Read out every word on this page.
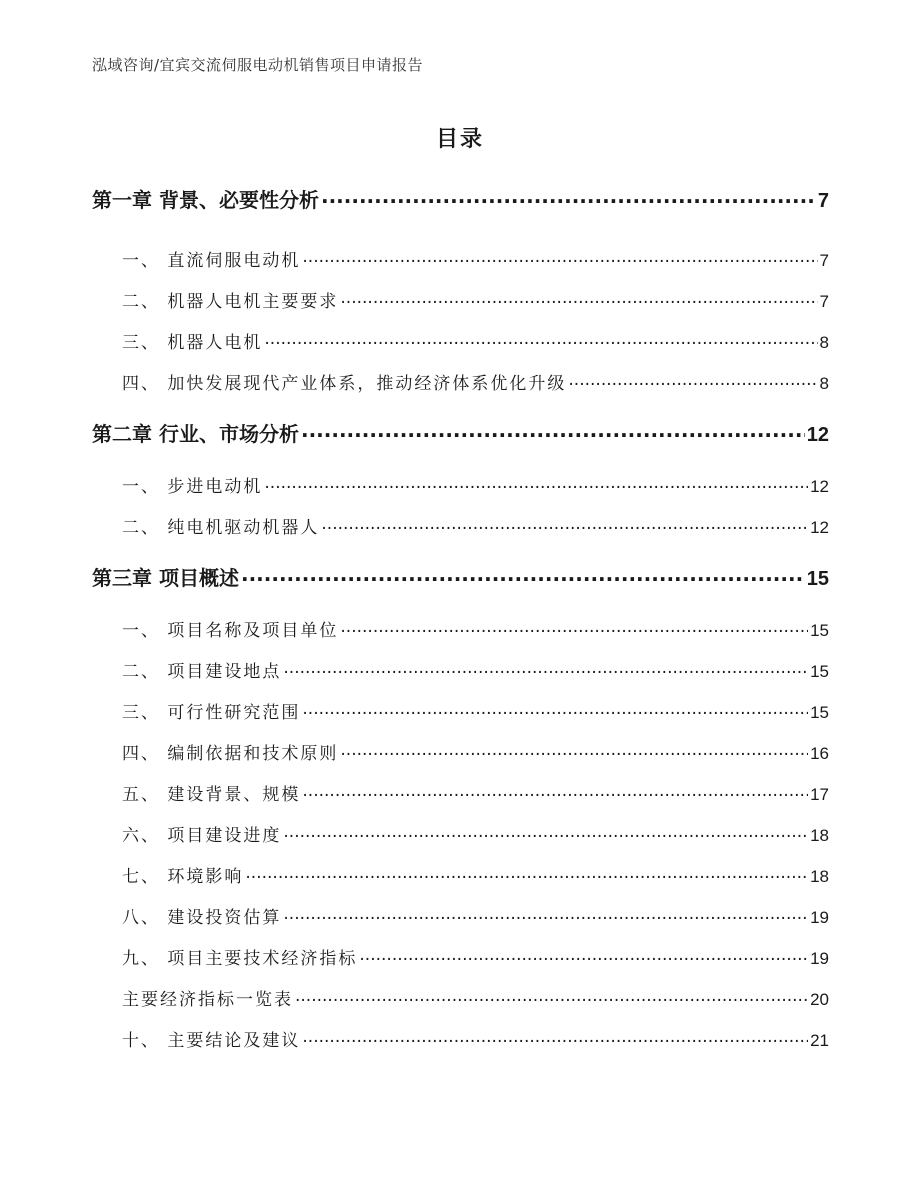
泓域咨询/宜宾交流伺服电动机销售项目申请报告
目录
第一章 背景、必要性分析 .....	7
一、 直流伺服电动机 .....	7
二、 机器人电机主要要求 .....	7
三、 机器人电机 .....	8
四、 加快发展现代产业体系，推动经济体系优化升级 .....	8
第二章 行业、市场分析 .....	12
一、 步进电动机 .....	12
二、 纯电机驱动机器人 .....	12
第三章 项目概述 .....	15
一、 项目名称及项目单位 .....	15
二、 项目建设地点 .....	15
三、 可行性研究范围 .....	15
四、 编制依据和技术原则 .....	16
五、 建设背景、规模 .....	17
六、 项目建设进度 .....	18
七、 环境影响 .....	18
八、 建设投资估算 .....	19
九、 项目主要技术经济指标 .....	19
主要经济指标一览表 .....	20
十、 主要结论及建议 .....	21
